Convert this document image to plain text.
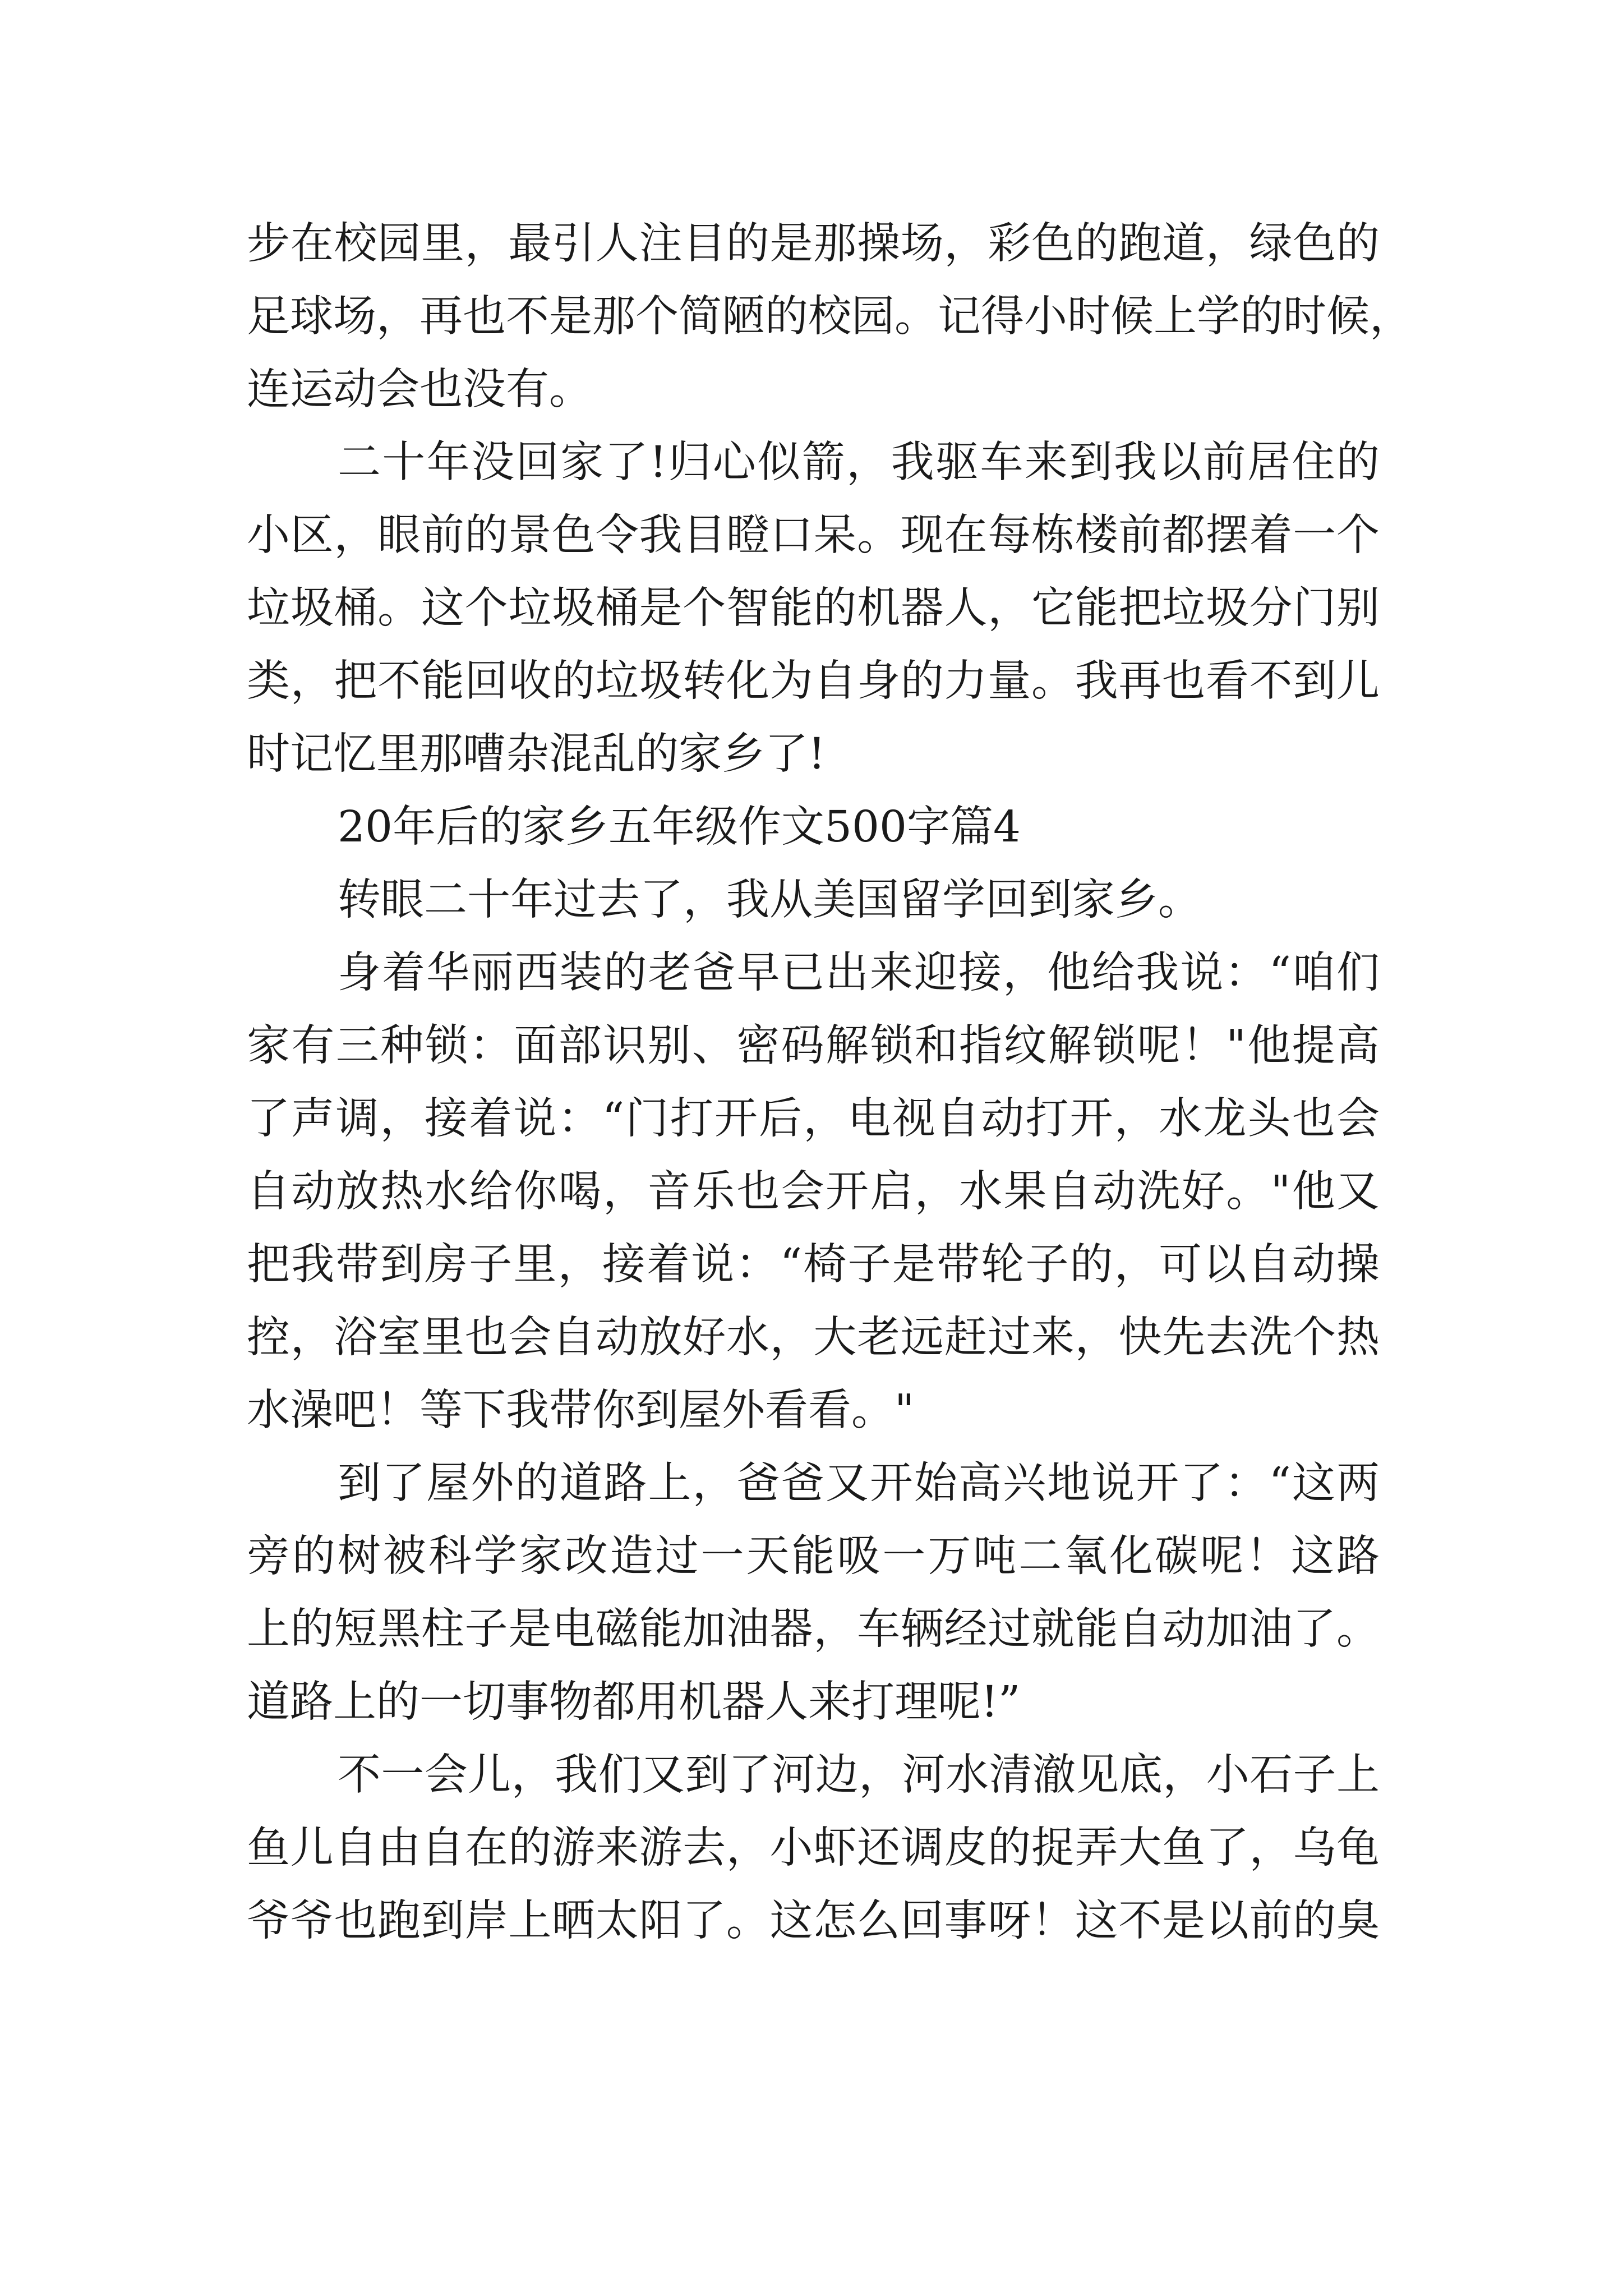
步在校园里，最引人注目的是那操场，彩色的跑道，绿色的
足球场，再也不是那个简陋的校园。记得小时候上学的时候，
连运动会也没有。
二十年没回家了!归心似箭，我驱车来到我以前居住的
小区，眼前的景色令我目瞪口呆。现在每栋楼前都摆着一个
垃圾桶。这个垃圾桶是个智能的机器人，它能把垃圾分门别
类，把不能回收的垃圾转化为自身的力量。我再也看不到儿
时记忆里那嘈杂混乱的家乡了!
20年后的家乡五年级作文500字篇4
转眼二十年过去了，我从美国留学回到家乡。
身着华丽西装的老爸早已出来迎接，他给我说：“咱们
家有三种锁：面部识别、密码解锁和指纹解锁呢！"他提高
了声调，接着说：“门打开后，电视自动打开，水龙头也会
自动放热水给你喝，音乐也会开启，水果自动洗好。"他又
把我带到房子里，接着说：“椅子是带轮子的，可以自动操
控，浴室里也会自动放好水，大老远赶过来，快先去洗个热
水澡吧！等下我带你到屋外看看。"
到了屋外的道路上，爸爸又开始高兴地说开了：“这两
旁的树被科学家改造过一天能吸一万吨二氧化碳呢！这路
上的短黑柱子是电磁能加油器，车辆经过就能自动加油了。
道路上的一切事物都用机器人来打理呢!”
不一会儿，我们又到了河边，河水清澈见底，小石子上
鱼儿自由自在的游来游去，小虾还调皮的捉弄大鱼了，乌龟
爷爷也跑到岸上晒太阳了。这怎么回事呀！这不是以前的臭
